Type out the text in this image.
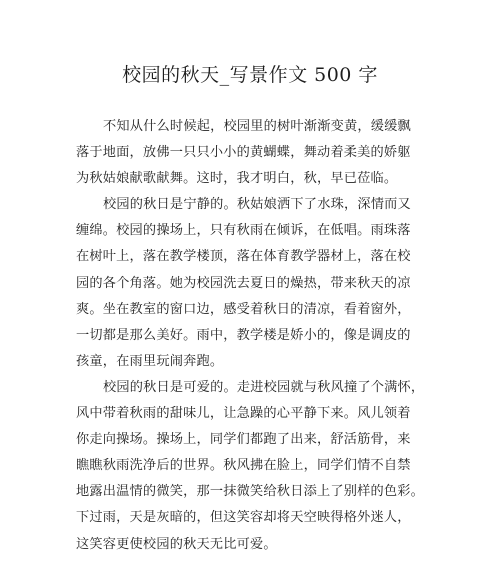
校园的秋天_写景作文 500 字
不知从什么时候起，校园里的树叶渐渐变黄，缓缓飘
落于地面，放佛一只只小小的黄蝴蝶，舞动着柔美的娇躯
为秋姑娘献歌献舞。这时，我才明白，秋，早已莅临。
校园的秋日是宁静的。秋姑娘洒下了水珠，深情而又
缠绵。校园的操场上，只有秋雨在倾诉，在低唱。雨珠落
在树叶上，落在教学楼顶，落在体育教学器材上，落在校
园的各个角落。她为校园洗去夏日的燥热，带来秋天的凉
爽。坐在教室的窗口边，感受着秋日的清凉，看着窗外，
一切都是那么美好。雨中，教学楼是娇小的，像是调皮的
孩童，在雨里玩闹奔跑。
校园的秋日是可爱的。走进校园就与秋风撞了个满怀，
风中带着秋雨的甜味儿，让急躁的心平静下来。风儿领着
你走向操场。操场上，同学们都跑了出来，舒活筋骨，来
瞧瞧秋雨洗净后的世界。秋风拂在脸上，同学们情不自禁
地露出温情的微笑，那一抹微笑给秋日添上了别样的色彩。
下过雨，天是灰暗的，但这笑容却将天空映得格外迷人，
这笑容更使校园的秋天无比可爱。
